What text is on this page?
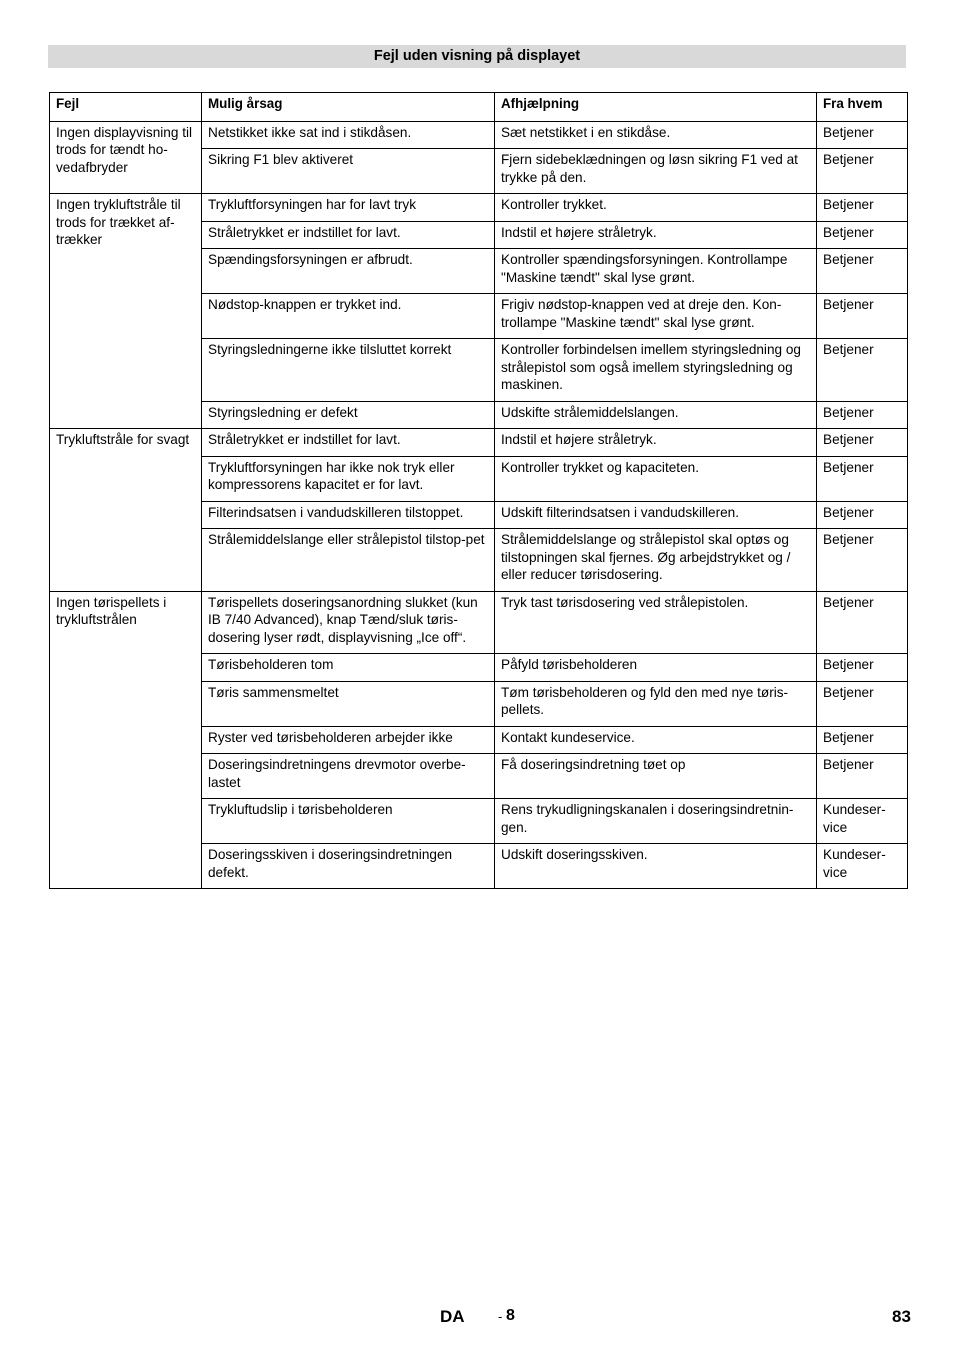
Fejl uden visning på displayet
Fejl	Mulig årsag	Afhjælpning	Fra hvem
Ingen displayvisning til trods for tændt ho-vedafbryder	Netstikket ikke sat ind i stikdåsen.	Sæt netstikket i en stikdåse.	Betjener
	Sikring F1 blev aktiveret	Fjern sidebeklædningen og løsn sikring F1 ved at trykke på den.	Betjener
Ingen trykluftstråle til trods for trækket af-trækker	Trykluftforsyningen har for lavt tryk	Kontroller trykket.	Betjener
	Stråletrykket er indstillet for lavt.	Indstil et højere stråletryk.	Betjener
	Spændingsforsyningen er afbrudt.	Kontroller spændingsforsyningen. Kontrollampe "Maskine tændt" skal lyse grønt.	Betjener
	Nødstop-knappen er trykket ind.	Frigiv nødstop-knappen ved at dreje den. Kon-trollampe "Maskine tændt" skal lyse grønt.	Betjener
	Styringsledningerne ikke tilsluttet korrekt	Kontroller forbindelsen imellem styringsledning og strålepistol som også imellem styringsledning og maskinen.	Betjener
	Styringsledning er defekt	Udskifte strålemiddelslangen.	Betjener
Trykluftstråle for svagt	Stråletrykket er indstillet for lavt.	Indstil et højere stråletryk.	Betjener
	Trykluftforsyningen har ikke nok tryk eller kompressorens kapacitet er for lavt.	Kontroller trykket og kapaciteten.	Betjener
	Filterindsatsen i vandudskilleren tilstoppet.	Udskift filterindsatsen i vandudskilleren.	Betjener
	Strålemiddelslange eller strålepistol tilstop-pet	Strålemiddelslange og strålepistol skal optøs og tilstopningen skal fjernes. Øg arbejdstrykket og / eller reducer tørisdosering.	Betjener
Ingen tørispellets i trykluftstrålen	Tørispellets doseringsanordning slukket (kun IB 7/40 Advanced), knap Tænd/sluk tøris-dosering lyser rødt, displayvisning „Ice off“.	Tryk tast tørisdosering ved strålepistolen.	Betjener
	Tørisbeholderen tom	Påfyld tørisbeholderen	Betjener
	Tøris sammensmeltet	Tøm tørisbeholderen og fyld den med nye tøris-pellets.	Betjener
	Ryster ved tørisbeholderen arbejder ikke	Kontakt kundeservice.	Betjener
	Doseringsindretningens drevmotor overbe-lastet	Få doseringsindretning tøet op	Betjener
	Trykluftudslip i tørisbeholderen	Rens trykudligningskanalen i doseringsindretnin-gen.	Kundeser-vice
	Doseringsskiven i doseringsindretningen defekt.	Udskift doseringsskiven.	Kundeser-vice
DA	- 8	83
